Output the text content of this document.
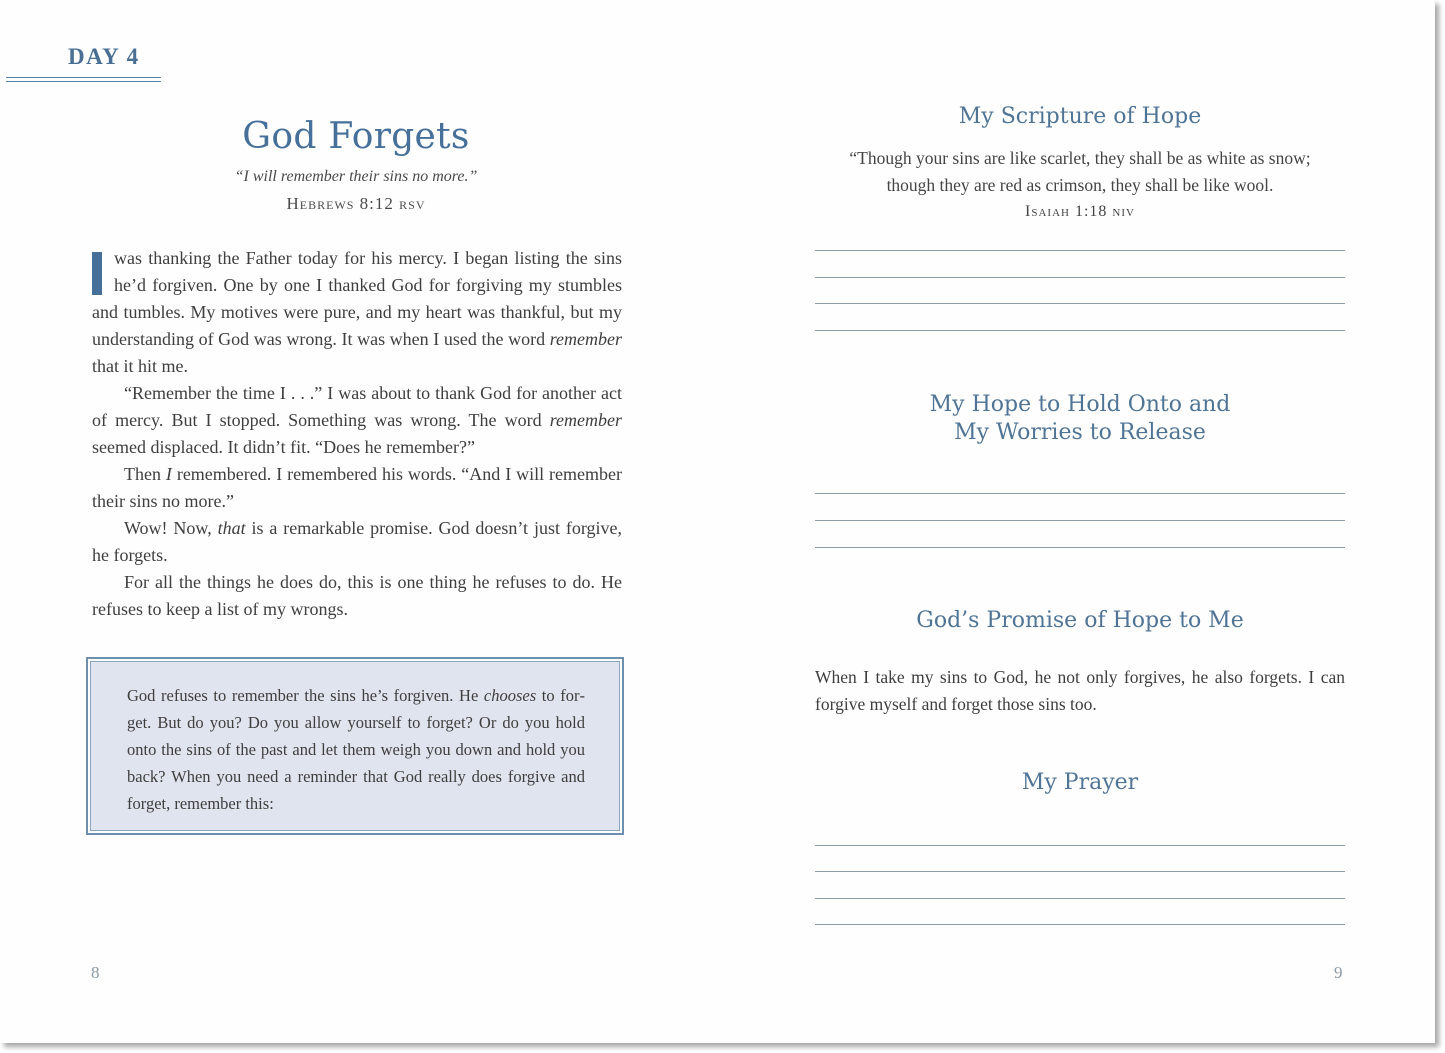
DAY 4
God Forgets
“I will remember their sins no more.”
Hebrews 8:12 rsv

was thanking the Father today for his mercy. I began listing the sins he’d forgiven. One by one I thanked God for forgiving my stumbles and tumbles. My motives were pure, and my heart was thankful, but my understanding of God was wrong. It was when I used the word remember that it hit me.

“Remember the time I . . .” I was about to thank God for another act of mercy. But I stopped. Something was wrong. The word remember seemed displaced. It didn’t fit. “Does he remember?”

Then I remembered. I remembered his words. “And I will remember their sins no more.”

Wow! Now, that is a remarkable promise. God doesn’t just forgive, he forgets.

For all the things he does do, this is one thing he refuses to do. He refuses to keep a list of my wrongs.

God refuses to remember the sins he’s forgiven. He chooses to forget. But do you? Do you allow yourself to forget? Or do you hold onto the sins of the past and let them weigh you down and hold you back? When you need a reminder that God really does forgive and forget, remember this:
8
My Scripture of Hope
“Though your sins are like scarlet, they shall be as white as snow; though they are red as crimson, they shall be like wool.
Isaiah 1:18 niv
My Hope to Hold Onto and
My Worries to Release
God’s Promise of Hope to Me
When I take my sins to God, he not only forgives, he also forgets. I can forgive myself and forget those sins too.
My Prayer
9
